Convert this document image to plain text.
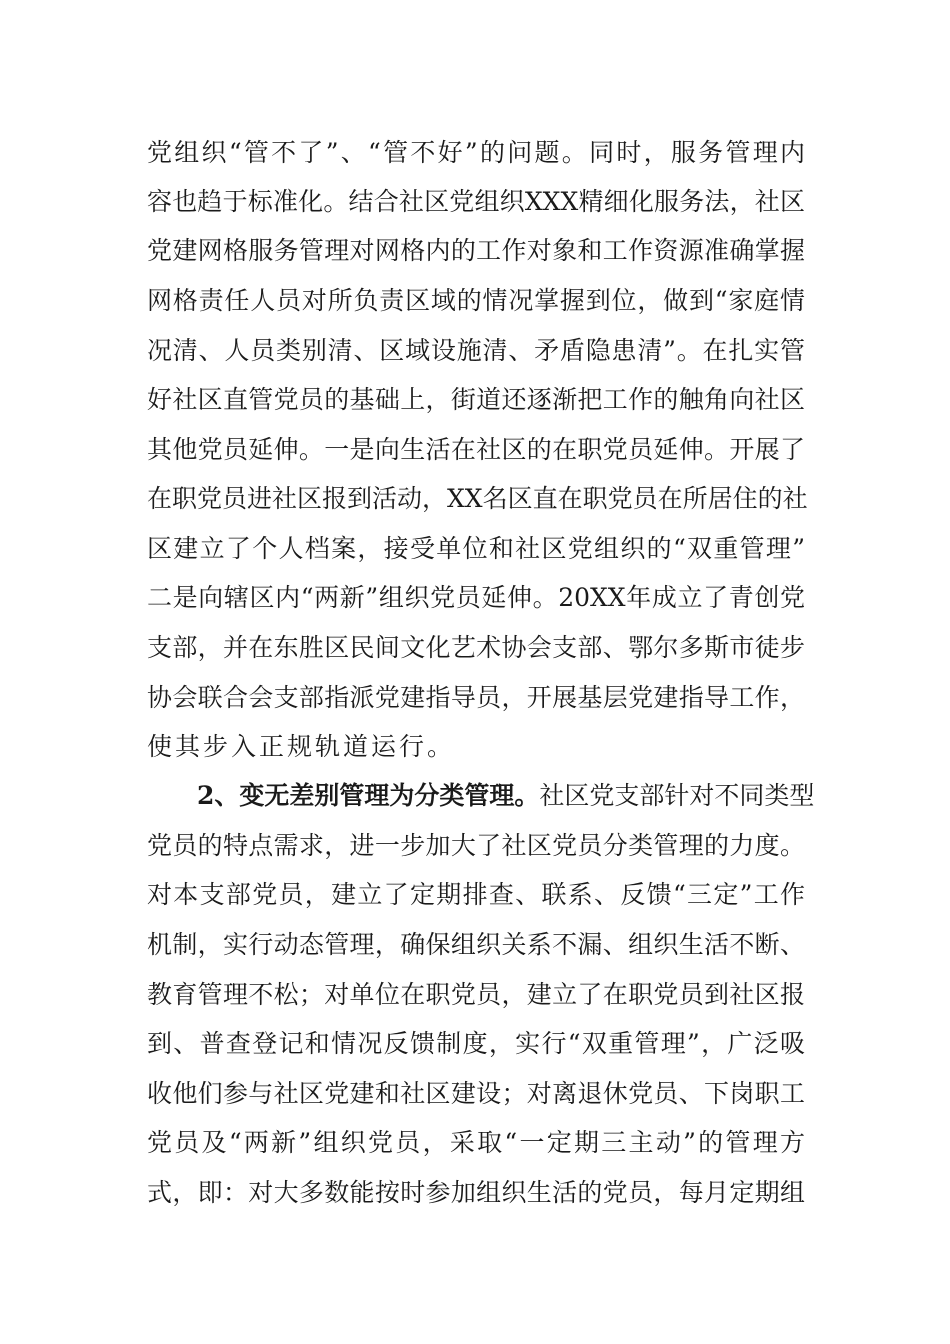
党组织“管不了”、“管不好”的问题。同时，服务管理内
容也趋于标准化。结合社区党组织XXX精细化服务法，社区
党建网格服务管理对网格内的工作对象和工作资源准确掌握
网格责任人员对所负责区域的情况掌握到位，做到“家庭情
况清、人员类别清、区域设施清、矛盾隐患清”。在扎实管
好社区直管党员的基础上，街道还逐渐把工作的触角向社区
其他党员延伸。一是向生活在社区的在职党员延伸。开展了
在职党员进社区报到活动，XX名区直在职党员在所居住的社
区建立了个人档案，接受单位和社区党组织的“双重管理”
二是向辖区内“两新”组织党员延伸。20XX年成立了青创党
支部，并在东胜区民间文化艺术协会支部、鄂尔多斯市徒步
协会联合会支部指派党建指导员，开展基层党建指导工作，
使其步入正规轨道运行。
2、变无差别管理为分类管理。社区党支部针对不同类型
党员的特点需求，进一步加大了社区党员分类管理的力度。
对本支部党员，建立了定期排查、联系、反馈“三定”工作
机制，实行动态管理，确保组织关系不漏、组织生活不断、
教育管理不松；对单位在职党员，建立了在职党员到社区报
到、普查登记和情况反馈制度，实行“双重管理”，广泛吸
收他们参与社区党建和社区建设；对离退休党员、下岗职工
党员及“两新”组织党员，采取“一定期三主动”的管理方
式，即：对大多数能按时参加组织生活的党员，每月定期组
